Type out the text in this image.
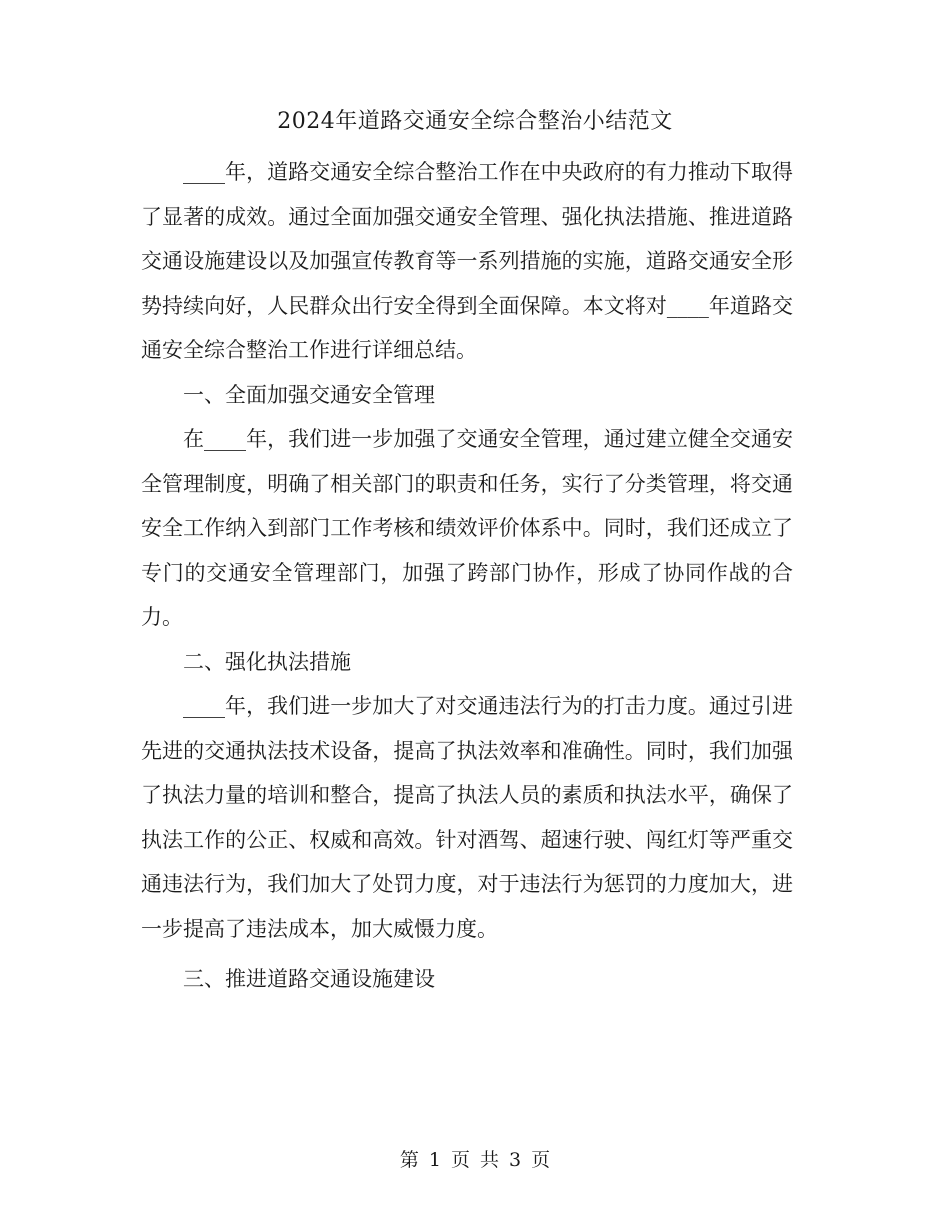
2024年道路交通安全综合整治小结范文

____年，道路交通安全综合整治工作在中央政府的有力推动下取得了显著的成效。通过全面加强交通安全管理、强化执法措施、推进道路交通设施建设以及加强宣传教育等一系列措施的实施，道路交通安全形势持续向好，人民群众出行安全得到全面保障。本文将对____年道路交通安全综合整治工作进行详细总结。

一、全面加强交通安全管理

在____年，我们进一步加强了交通安全管理，通过建立健全交通安全管理制度，明确了相关部门的职责和任务，实行了分类管理，将交通安全工作纳入到部门工作考核和绩效评价体系中。同时，我们还成立了专门的交通安全管理部门，加强了跨部门协作，形成了协同作战的合力。

二、强化执法措施

____年，我们进一步加大了对交通违法行为的打击力度。通过引进先进的交通执法技术设备，提高了执法效率和准确性。同时，我们加强了执法力量的培训和整合，提高了执法人员的素质和执法水平，确保了执法工作的公正、权威和高效。针对酒驾、超速行驶、闯红灯等严重交通违法行为，我们加大了处罚力度，对于违法行为惩罚的力度加大，进一步提高了违法成本，加大威慑力度。

三、推进道路交通设施建设

第 1 页 共 3 页
